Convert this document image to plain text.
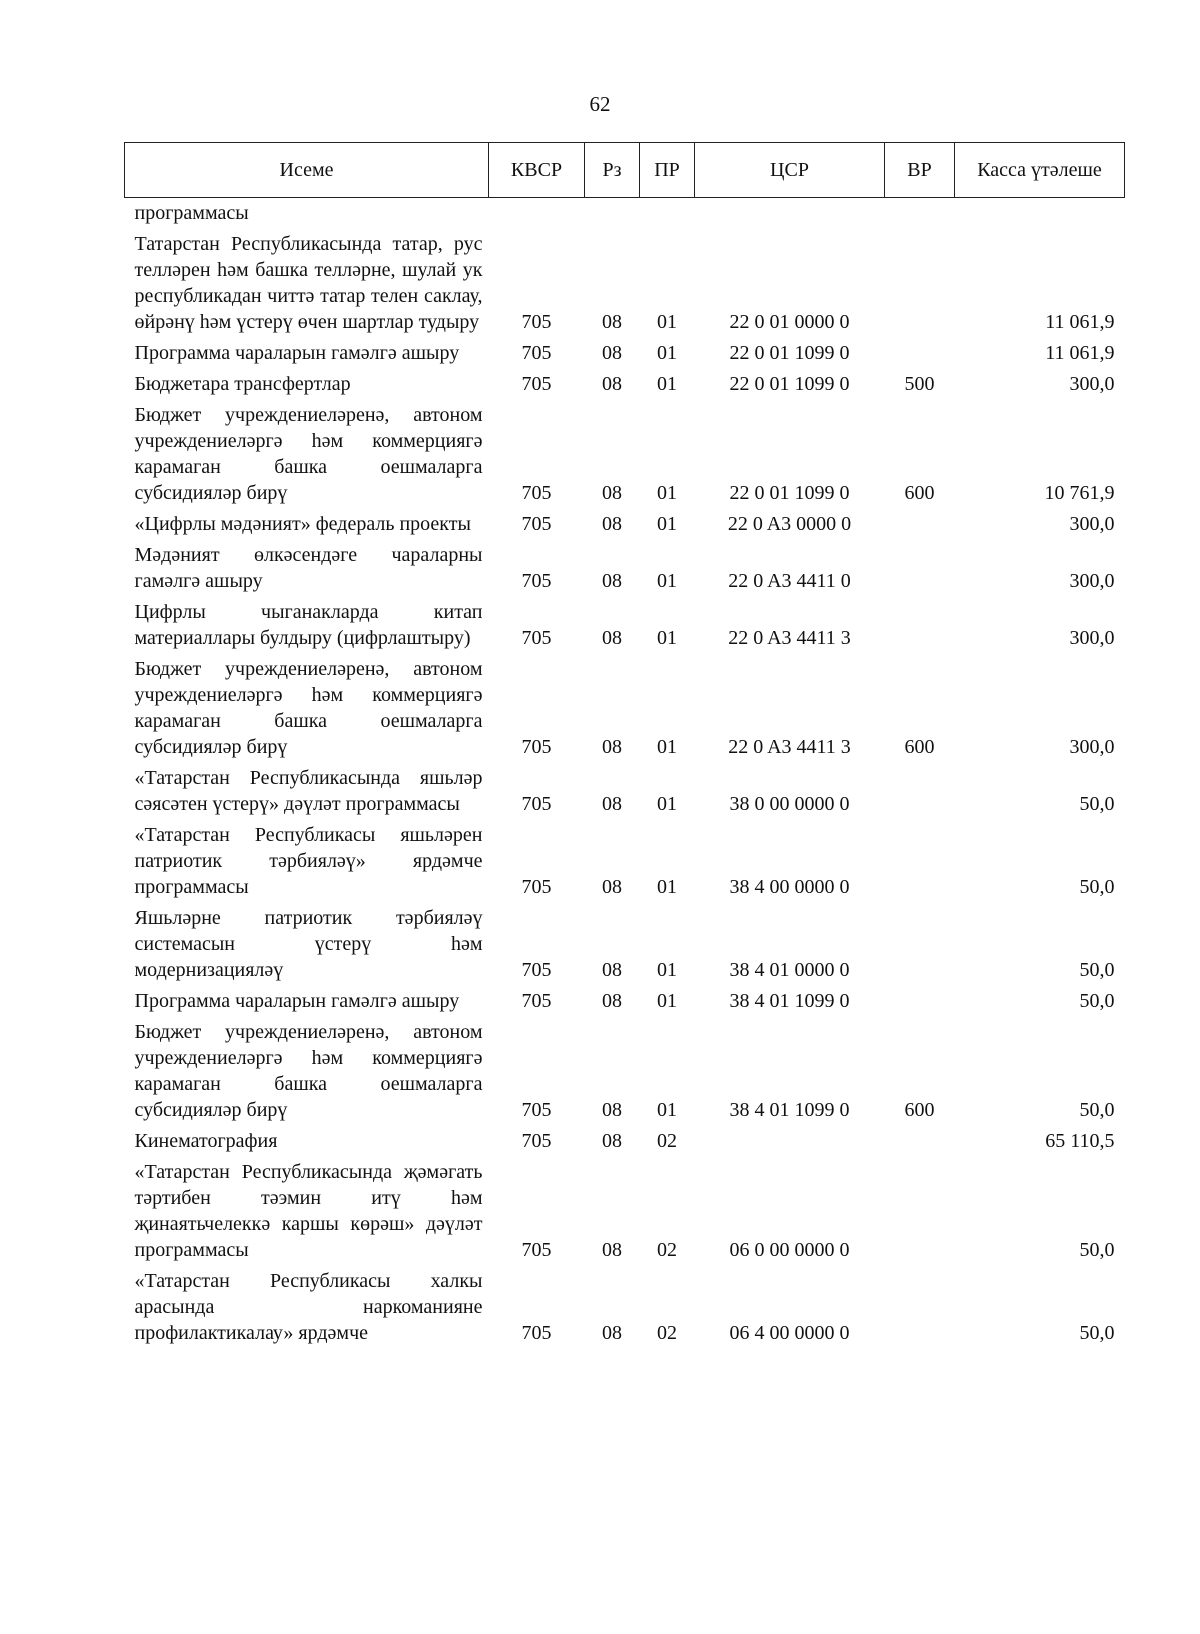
62
Исеме	КВСР	Рз	ПР	ЦСР	ВР	Касса үтәлеше
программасы						
Татарстан Республикасында татар, рус телләрен һәм башка телләрне, шулай ук республикадан читтә татар телен саклау, өйрәнү һәм үстерү өчен шартлар тудыру	705	08	01	22 0 01 0000 0		11 061,9
Программа чараларын гамәлгә ашыру	705	08	01	22 0 01 1099 0		11 061,9
Бюджетара трансфертлар	705	08	01	22 0 01 1099 0	500	300,0
Бюджет учреждениеләренә, автоном учреждениеләргә һәм коммерциягә карамаган башка оешмаларга субсидияләр бирү	705	08	01	22 0 01 1099 0	600	10 761,9
«Цифрлы мәдәният» федераль проекты	705	08	01	22 0 A3 0000 0		300,0
Мәдәният өлкәсендәге чараларны гамәлгә ашыру	705	08	01	22 0 A3 4411 0		300,0
Цифрлы чыганакларда китап материаллары булдыру (цифрлаштыру)	705	08	01	22 0 A3 4411 3		300,0
Бюджет учреждениеләренә, автоном учреждениеләргә һәм коммерциягә карамаган башка оешмаларга субсидияләр бирү	705	08	01	22 0 A3 4411 3	600	300,0
«Татарстан Республикасында яшьләр сәясәтен үстерү» дәүләт программасы	705	08	01	38 0 00 0000 0		50,0
«Татарстан Республикасы яшьләрен патриотик тәрбияләү» ярдәмче программасы	705	08	01	38 4 00 0000 0		50,0
Яшьләрне патриотик тәрбияләү системасын үстерү һәм модернизацияләү	705	08	01	38 4 01 0000 0		50,0
Программа чараларын гамәлгә ашыру	705	08	01	38 4 01 1099 0		50,0
Бюджет учреждениеләренә, автоном учреждениеләргә һәм коммерциягә карамаган башка оешмаларга субсидияләр бирү	705	08	01	38 4 01 1099 0	600	50,0
Кинематография	705	08	02			65 110,5
«Татарстан Республикасында җәмәгать тәртибен тәэмин итү һәм җинаятьчелеккә каршы көрәш» дәүләт программасы	705	08	02	06 0 00 0000 0		50,0
«Татарстан Республикасы халкы арасында наркоманияне профилактикалау» ярдәмче	705	08	02	06 4 00 0000 0		50,0
